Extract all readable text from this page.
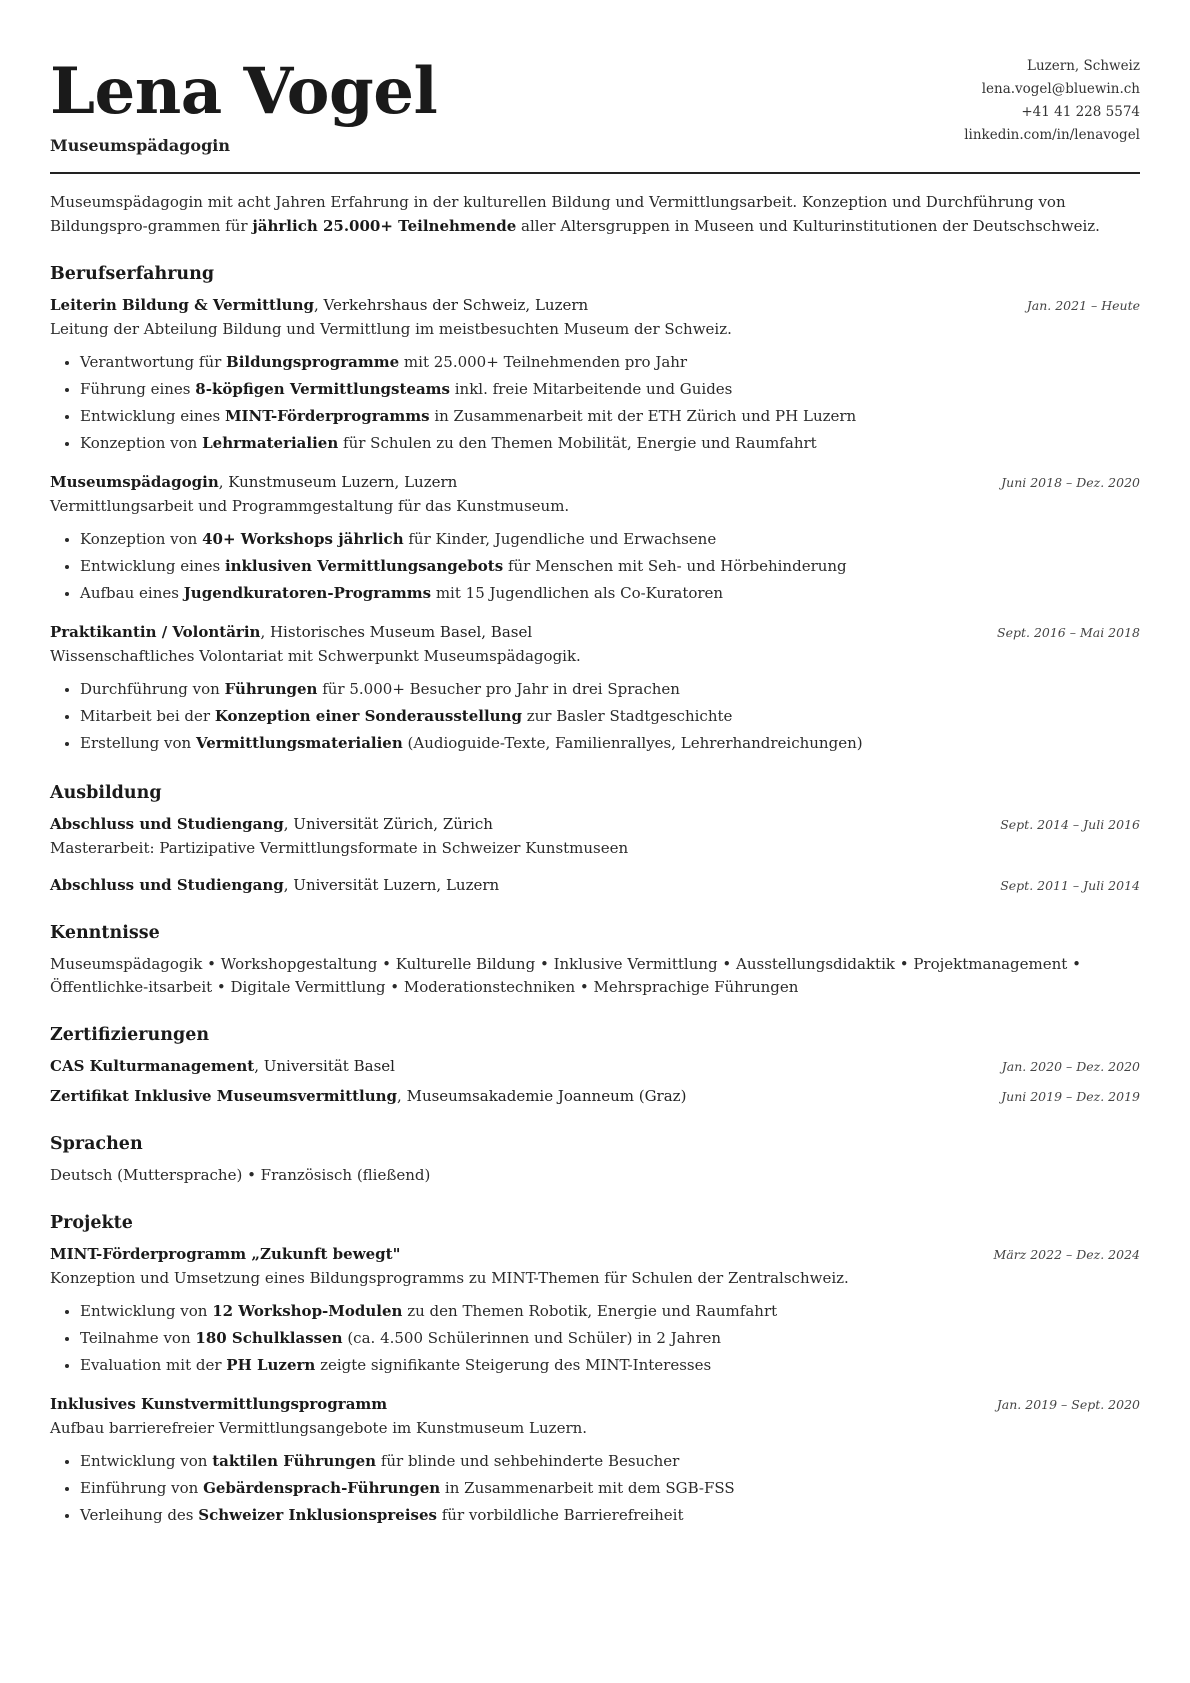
Lena Vogel
Museumspädagogin
Luzern, Schweiz
lena.vogel@bluewin.ch
+41 41 228 5574
linkedin.com/in/lenavogel
Museumspädagogin mit acht Jahren Erfahrung in der kulturellen Bildung und Vermittlungsarbeit. Konzeption und Durchführung von Bildungspro-grammen für jährlich 25.000+ Teilnehmende aller Altersgruppen in Museen und Kulturinstitutionen der Deutschschweiz.
Berufserfahrung
Leiterin Bildung & Vermittlung, Verkehrshaus der Schweiz, Luzern	Jan. 2021 – Heute
Leitung der Abteilung Bildung und Vermittlung im meistbesuchten Museum der Schweiz.
• Verantwortung für Bildungsprogramme mit 25.000+ Teilnehmenden pro Jahr
• Führung eines 8-köpfigen Vermittlungsteams inkl. freie Mitarbeitende und Guides
• Entwicklung eines MINT-Förderprogramms in Zusammenarbeit mit der ETH Zürich und PH Luzern
• Konzeption von Lehrmaterialien für Schulen zu den Themen Mobilität, Energie und Raumfahrt
Museumspädagogin, Kunstmuseum Luzern, Luzern	Juni 2018 – Dez. 2020
Vermittlungsarbeit und Programmgestaltung für das Kunstmuseum.
• Konzeption von 40+ Workshops jährlich für Kinder, Jugendliche und Erwachsene
• Entwicklung eines inklusiven Vermittlungsangebots für Menschen mit Seh- und Hörbehinderung
• Aufbau eines Jugendkuratoren-Programms mit 15 Jugendlichen als Co-Kuratoren
Praktikantin / Volontärin, Historisches Museum Basel, Basel	Sept. 2016 – Mai 2018
Wissenschaftliches Volontariat mit Schwerpunkt Museumspädagogik.
• Durchführung von Führungen für 5.000+ Besucher pro Jahr in drei Sprachen
• Mitarbeit bei der Konzeption einer Sonderausstellung zur Basler Stadtgeschichte
• Erstellung von Vermittlungsmaterialien (Audioguide-Texte, Familienrallyes, Lehrerhandreichungen)
Ausbildung
Abschluss und Studiengang, Universität Zürich, Zürich	Sept. 2014 – Juli 2016
Masterarbeit: Partizipative Vermittlungsformate in Schweizer Kunstmuseen
Abschluss und Studiengang, Universität Luzern, Luzern	Sept. 2011 – Juli 2014
Kenntnisse
Museumspädagogik • Workshopgestaltung • Kulturelle Bildung • Inklusive Vermittlung • Ausstellungsdidaktik • Projektmanagement • Öffentlichke-itsarbeit • Digitale Vermittlung • Moderationstechniken • Mehrsprachige Führungen
Zertifizierungen
CAS Kulturmanagement, Universität Basel	Jan. 2020 – Dez. 2020
Zertifikat Inklusive Museumsvermittlung, Museumsakademie Joanneum (Graz)	Juni 2019 – Dez. 2019
Sprachen
Deutsch (Muttersprache) • Französisch (fließend)
Projekte
MINT-Förderprogramm „Zukunft bewegt"	März 2022 – Dez. 2024
Konzeption und Umsetzung eines Bildungsprogramms zu MINT-Themen für Schulen der Zentralschweiz.
• Entwicklung von 12 Workshop-Modulen zu den Themen Robotik, Energie und Raumfahrt
• Teilnahme von 180 Schulklassen (ca. 4.500 Schülerinnen und Schüler) in 2 Jahren
• Evaluation mit der PH Luzern zeigte signifikante Steigerung des MINT-Interesses
Inklusives Kunstvermittlungsprogramm	Jan. 2019 – Sept. 2020
Aufbau barrierefreier Vermittlungsangebote im Kunstmuseum Luzern.
• Entwicklung von taktilen Führungen für blinde und sehbehinderte Besucher
• Einführung von Gebärdensprach-Führungen in Zusammenarbeit mit dem SGB-FSS
• Verleihung des Schweizer Inklusionspreises für vorbildliche Barrierefreiheit
